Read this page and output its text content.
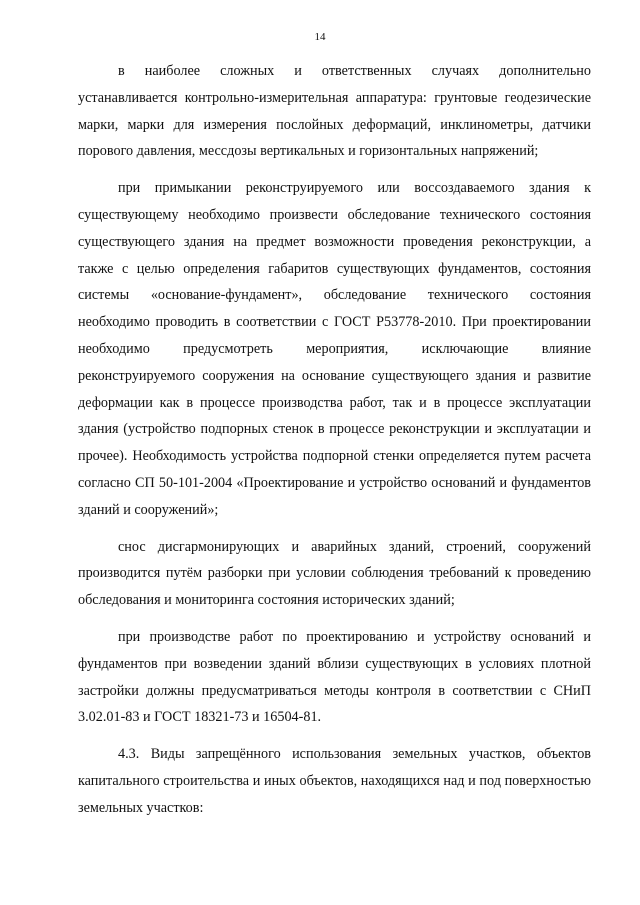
14

в наиболее сложных и ответственных случаях дополнительно устанавливается контрольно-измерительная аппаратура: грунтовые геодезические марки, марки для измерения послойных деформаций, инклинометры, датчики порового давления, мессдозы вертикальных и горизонтальных напряжений;

при примыкании реконструируемого или воссоздаваемого здания к существующему необходимо произвести обследование технического состояния существующего здания на предмет возможности проведения реконструкции, а также с целью определения габаритов существующих фундаментов, состояния системы «основание-фундамент», обследование технического состояния необходимо проводить в соответствии с ГОСТ Р53778-2010. При проектировании необходимо предусмотреть мероприятия, исключающие влияние реконструируемого сооружения на основание существующего здания и развитие деформации как в процессе производства работ, так и в процессе эксплуатации здания (устройство подпорных стенок в процессе реконструкции и эксплуатации и прочее). Необходимость устройства подпорной стенки определяется путем расчета согласно СП 50-101-2004 «Проектирование и устройство оснований и фундаментов зданий и сооружений»;

снос дисгармонирующих и аварийных зданий, строений, сооружений производится путём разборки при условии соблюдения требований к проведению обследования и мониторинга состояния исторических зданий;

при производстве работ по проектированию и устройству оснований и фундаментов при возведении зданий вблизи существующих в условиях плотной застройки должны предусматриваться методы контроля в соответствии с СНиП 3.02.01-83 и ГОСТ 18321-73 и 16504-81.

4.3. Виды запрещённого использования земельных участков, объектов капитального строительства и иных объектов, находящихся над и под поверхностью земельных участков:
